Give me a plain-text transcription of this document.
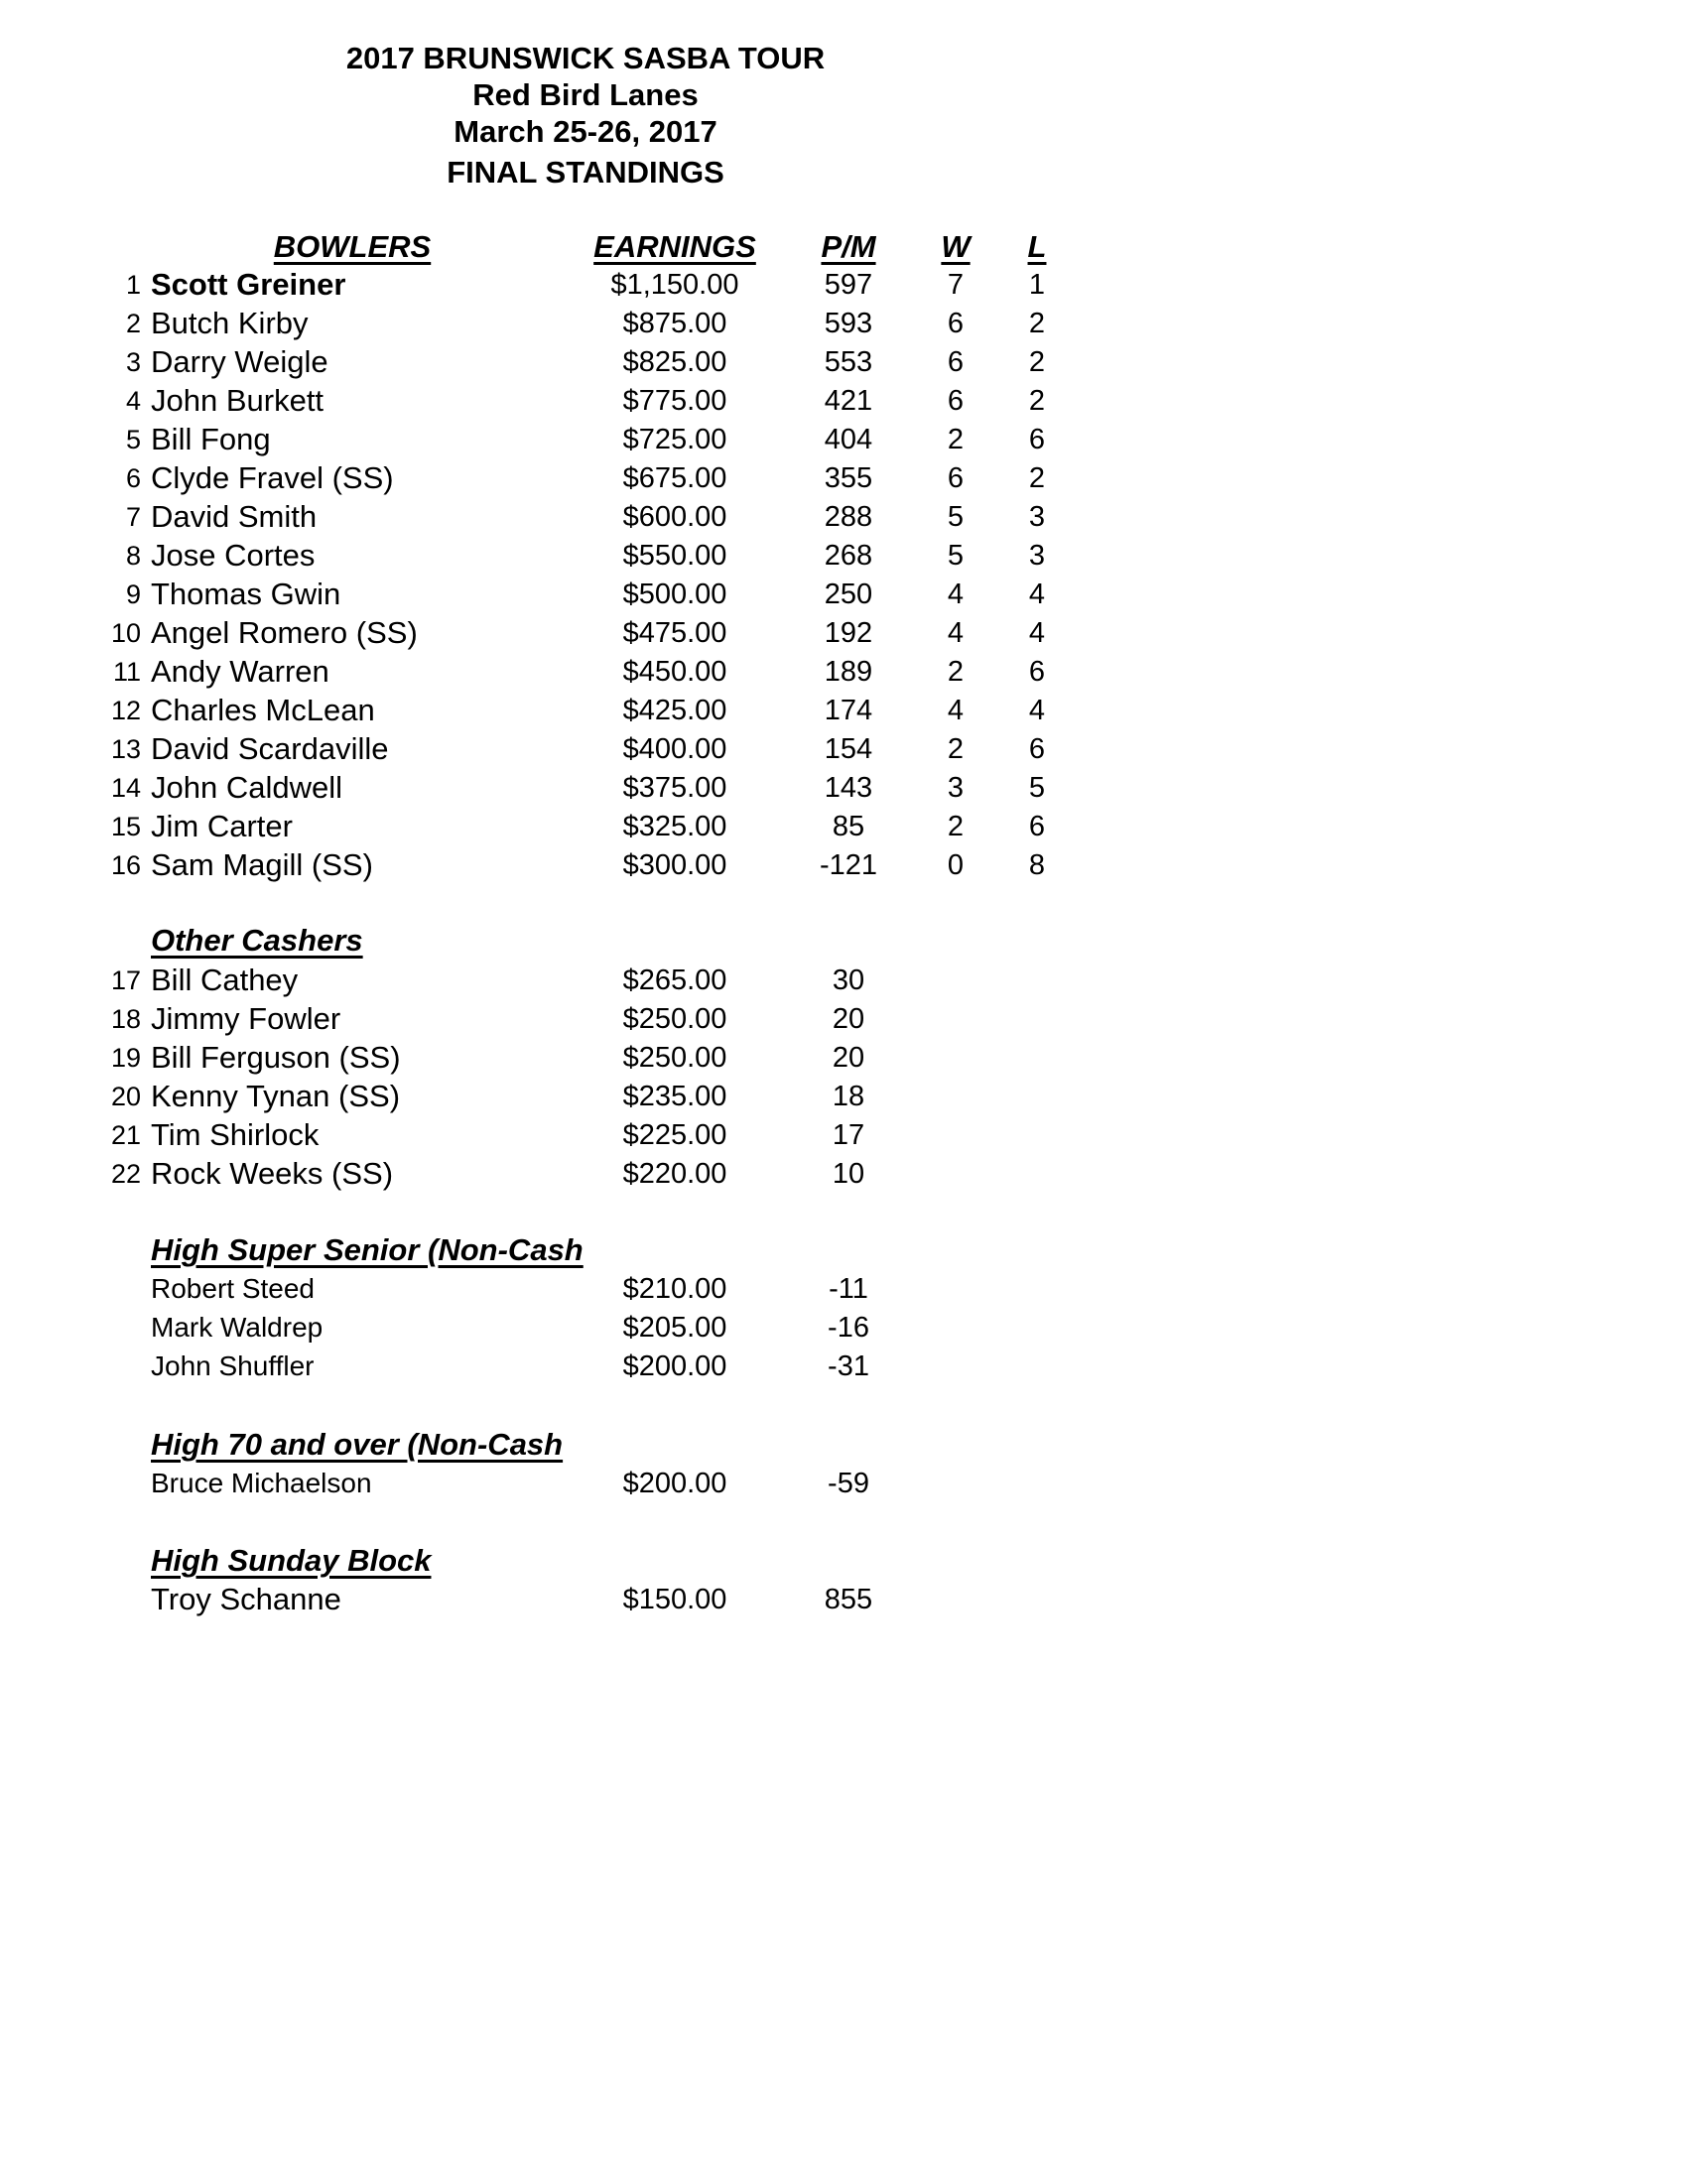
2017 BRUNSWICK SASBA TOUR
Red Bird Lanes
March 25-26, 2017
FINAL STANDINGS
BOWLERS	EARNINGS	P/M	W	L
1 Scott Greiner	$1,150.00	597	7	1
2 Butch Kirby	$875.00	593	6	2
3 Darry Weigle	$825.00	553	6	2
4 John Burkett	$775.00	421	6	2
5 Bill Fong	$725.00	404	2	6
6 Clyde Fravel (SS)	$675.00	355	6	2
7 David Smith	$600.00	288	5	3
8 Jose Cortes	$550.00	268	5	3
9 Thomas Gwin	$500.00	250	4	4
10 Angel Romero (SS)	$475.00	192	4	4
11 Andy Warren	$450.00	189	2	6
12 Charles McLean	$425.00	174	4	4
13 David Scardaville	$400.00	154	2	6
14 John Caldwell	$375.00	143	3	5
15 Jim Carter	$325.00	85	2	6
16 Sam Magill (SS)	$300.00	-121	0	8
Other Cashers
17 Bill Cathey	$265.00	30
18 Jimmy Fowler	$250.00	20
19 Bill Ferguson (SS)	$250.00	20
20 Kenny Tynan (SS)	$235.00	18
21 Tim Shirlock	$225.00	17
22 Rock Weeks (SS)	$220.00	10
High Super Senior (Non-Cash
Robert Steed	$210.00	-11
Mark Waldrep	$205.00	-16
John Shuffler	$200.00	-31
High 70 and over (Non-Cash
Bruce Michaelson	$200.00	-59
High Sunday Block
Troy Schanne	$150.00	855
